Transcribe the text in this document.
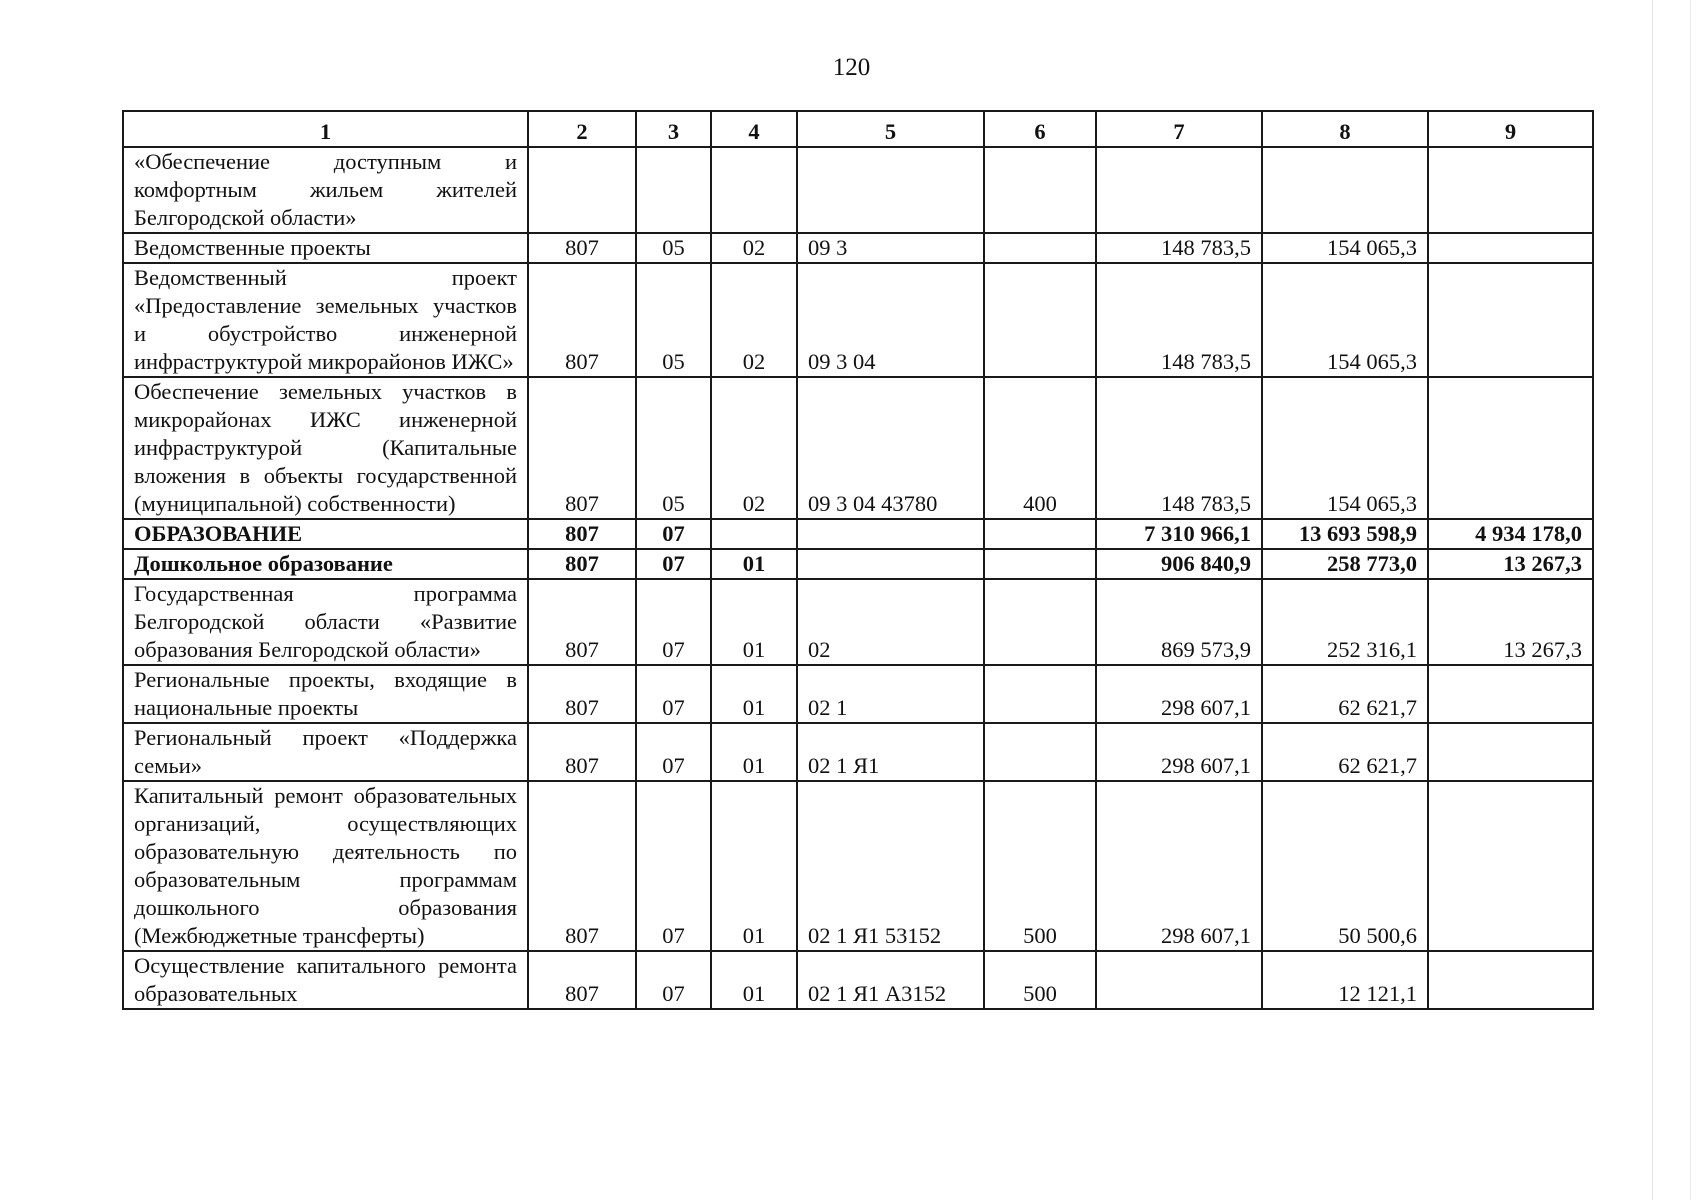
120
1	2	3	4	5	6	7	8	9
«Обеспечение доступным и комфортным жильем жителей Белгородской области»								
Ведомственные проекты	807	05	02	09 3		148 783,5	154 065,3	
Ведомственный проект «Предоставление земельных участков и обустройство инженерной инфраструктурой микрорайонов ИЖС»	807	05	02	09 3 04		148 783,5	154 065,3	
Обеспечение земельных участков в микрорайонах ИЖС инженерной инфраструктурой (Капитальные вложения в объекты государственной (муниципальной) собственности)	807	05	02	09 3 04 43780	400	148 783,5	154 065,3	
ОБРАЗОВАНИЕ	807	07				7 310 966,1	13 693 598,9	4 934 178,0
Дошкольное образование	807	07	01			906 840,9	258 773,0	13 267,3
Государственная программа Белгородской области «Развитие образования Белгородской области»	807	07	01	02		869 573,9	252 316,1	13 267,3
Региональные проекты, входящие в национальные проекты	807	07	01	02 1		298 607,1	62 621,7	
Региональный проект «Поддержка семьи»	807	07	01	02 1 Я1		298 607,1	62 621,7	
Капитальный ремонт образовательных организаций, осуществляющих образовательную деятельность по образовательным программам дошкольного образования (Межбюджетные трансферты)	807	07	01	02 1 Я1 53152	500	298 607,1	50 500,6	
Осуществление капитального ремонта образовательных	807	07	01	02 1 Я1 А3152	500		12 121,1	
